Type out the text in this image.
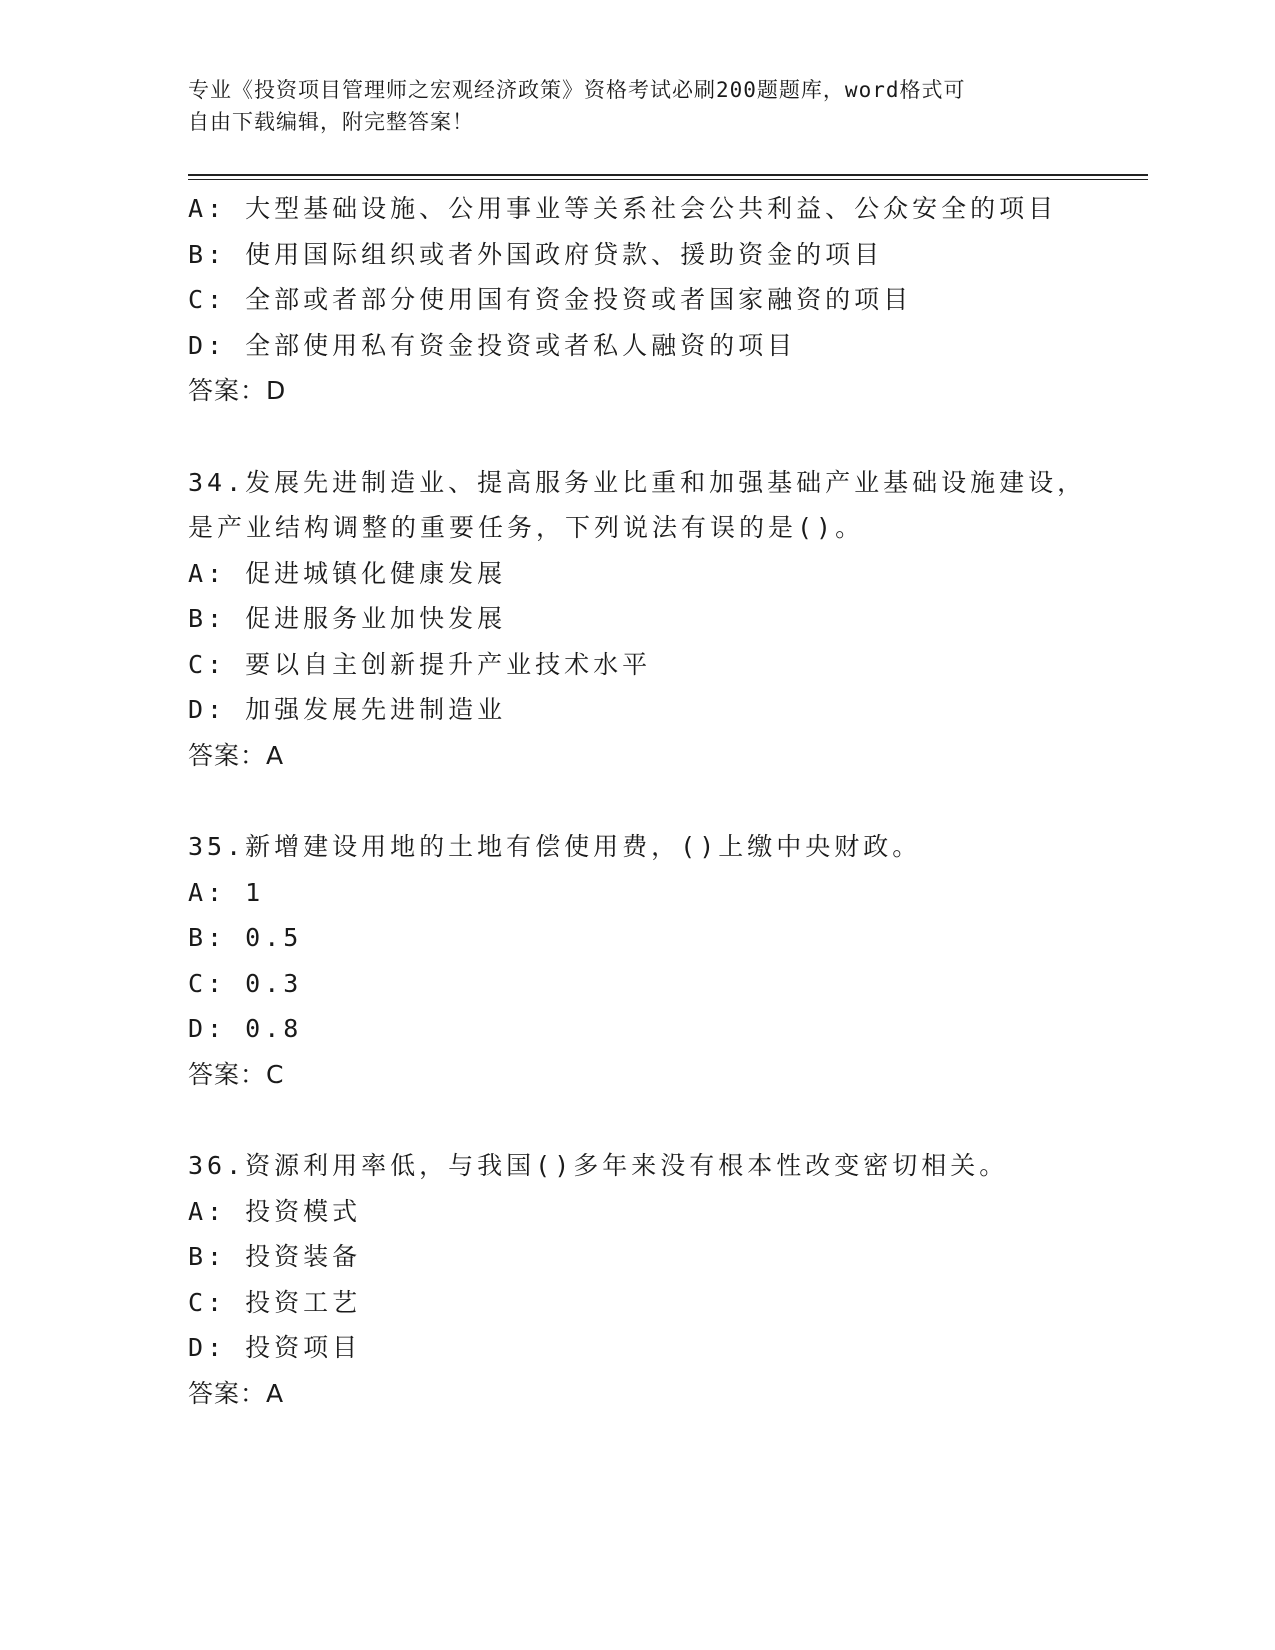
专业《投资项目管理师之宏观经济政策》资格考试必刷200题题库，word格式可
自由下载编辑，附完整答案！
A: 大型基础设施、公用事业等关系社会公共利益、公众安全的项目
B: 使用国际组织或者外国政府贷款、援助资金的项目
C: 全部或者部分使用国有资金投资或者国家融资的项目
D: 全部使用私有资金投资或者私人融资的项目
答案：D
34.发展先进制造业、提高服务业比重和加强基础产业基础设施建设，
是产业结构调整的重要任务，下列说法有误的是()。
A: 促进城镇化健康发展
B: 促进服务业加快发展
C: 要以自主创新提升产业技术水平
D: 加强发展先进制造业
答案：A
35.新增建设用地的土地有偿使用费，()上缴中央财政。
A: 1
B: 0.5
C: 0.3
D: 0.8
答案：C
36.资源利用率低，与我国()多年来没有根本性改变密切相关。
A: 投资模式
B: 投资装备
C: 投资工艺
D: 投资项目
答案：A
